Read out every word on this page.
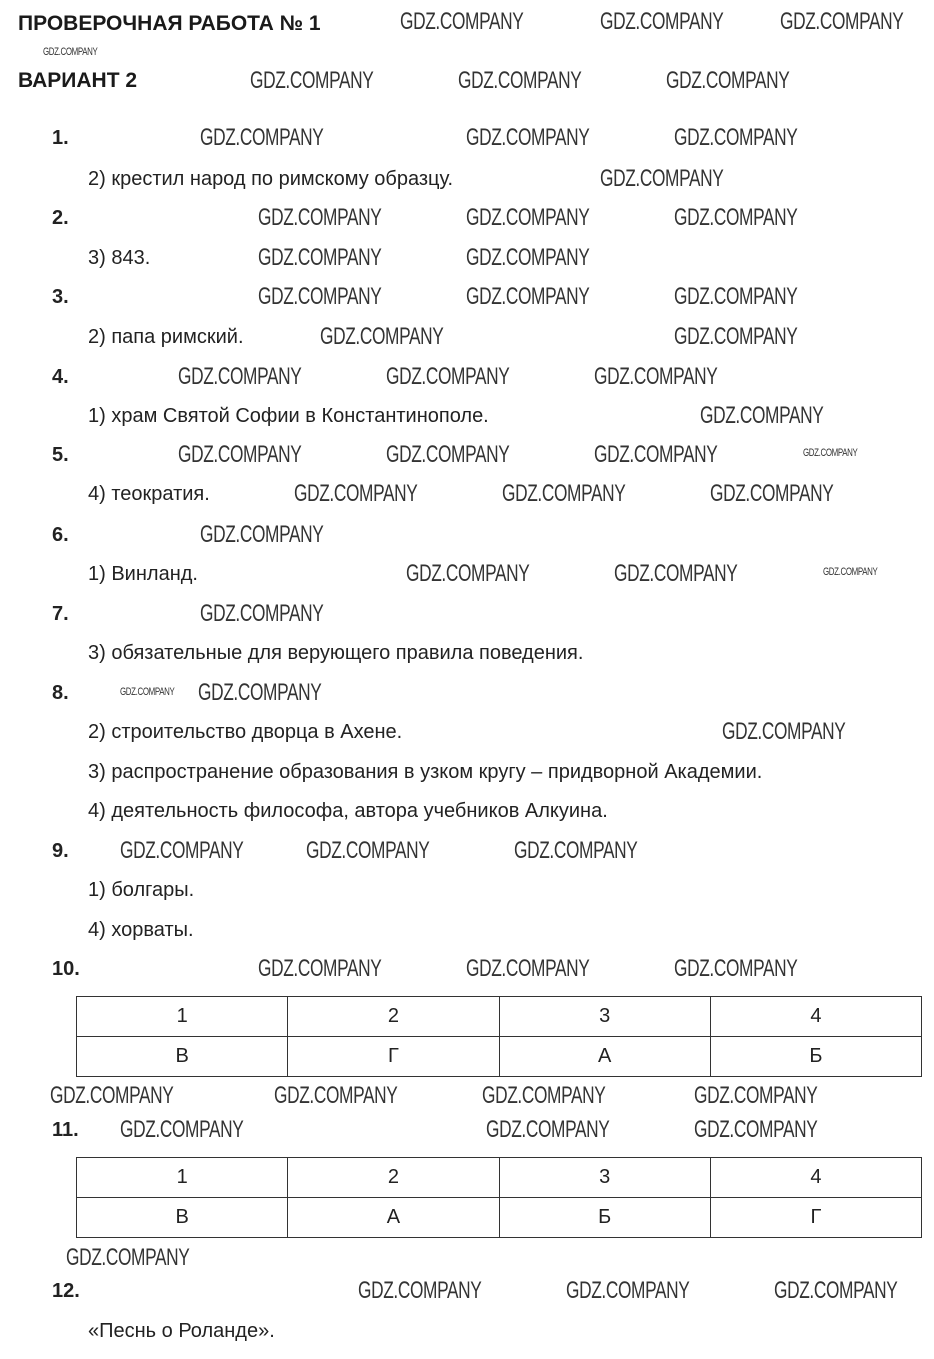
ПРОВЕРОЧНАЯ РАБОТА № 1
ВАРИАНТ 2
1.
2) крестил народ по римскому образцу.
2.
3) 843.
3.
2) папа римский.
4.
1) храм Святой Софии в Константинополе.
5.
4) теократия.
6.
1) Винланд.
7.
3) обязательные для верующего правила поведения.
8.
2) строительство дворца в Ахене.
3) распространение образования в узком кругу – придворной Академии.
4) деятельность философа, автора учебников Алкуина.
9.
1) болгары.
4) хорваты.
10.
1	2	3	4
В	Г	А	Б
11.
1	2	3	4
В	А	Б	Г
12.
«Песнь о Роланде».
GDZ.COMPANY
GDZ.COMPANY	GDZ.COMPANY GDZ.COMPANY
GDZ.COMPANY	GDZ.COMPANY	GDZ.COMPANY
GDZ.COMPANY	GDZ.COMPANY	GDZ.COMPANY
GDZ.COMPANY
GDZ.COMPANY	GDZ.COMPANY	GDZ.COMPANY
GDZ.COMPANY	GDZ.COMPANY
GDZ.COMPANY	GDZ.COMPANY	GDZ.COMPANY
GDZ.COMPANY	GDZ.COMPANY
GDZ.COMPANY	GDZ.COMPANY	GDZ.COMPANY
GDZ.COMPANY
GDZ.COMPANY	GDZ.COMPANY	GDZ.COMPANY	GDZ.COMPANY
GDZ.COMPANY	GDZ.COMPANY	GDZ.COMPANY
GDZ.COMPANY
GDZ.COMPANY	GDZ.COMPANY	GDZ.COMPANY
GDZ.COMPANY
GDZ.COMPANY GDZ.COMPANY
GDZ.COMPANY
GDZ.COMPANY	GDZ.COMPANY	GDZ.COMPANY
GDZ.COMPANY	GDZ.COMPANY	GDZ.COMPANY
GDZ.COMPANY	GDZ.COMPANY	GDZ.COMPANY	GDZ.COMPANY
GDZ.COMPANY	GDZ.COMPANY	GDZ.COMPANY
GDZ.COMPANY
GDZ.COMPANY	GDZ.COMPANY	GDZ.COMPANY
